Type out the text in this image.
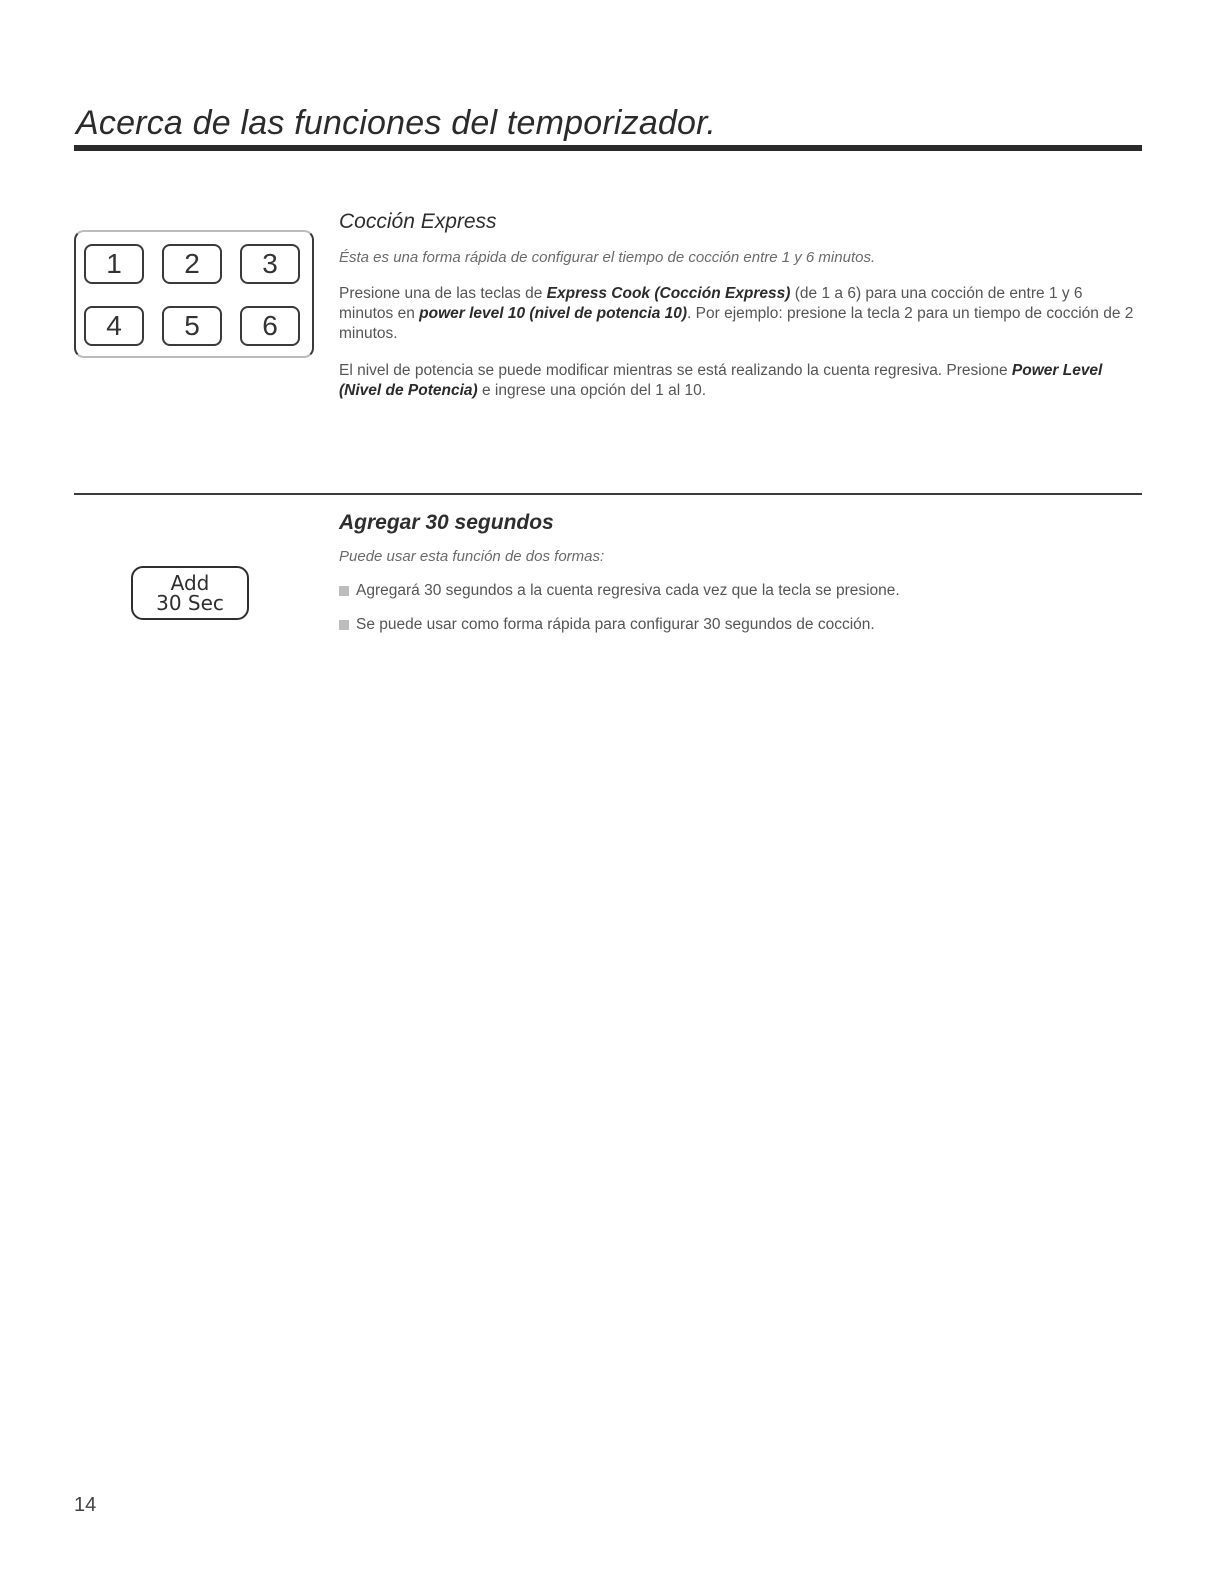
Acerca de las funciones del temporizador.
1	2	3
4	5	6
Cocción Express

Ésta es una forma rápida de configurar el tiempo de cocción entre 1 y 6 minutos.

Presione una de las teclas de Express Cook (Cocción Express) (de 1 a 6) para una cocción de entre 1 y 6 minutos en power level 10 (nivel de potencia 10). Por ejemplo: presione la tecla 2 para un tiempo de cocción de 2 minutos.

El nivel de potencia se puede modificar mientras se está realizando la cuenta regresiva. Presione Power Level (Nivel de Potencia) e ingrese una opción del 1 al 10.

Add
30 Sec
Agregar 30 segundos

Puede usar esta función de dos formas:

Agregará 30 segundos a la cuenta regresiva cada vez que la tecla se presione.
Se puede usar como forma rápida para configurar 30 segundos de cocción.
14
